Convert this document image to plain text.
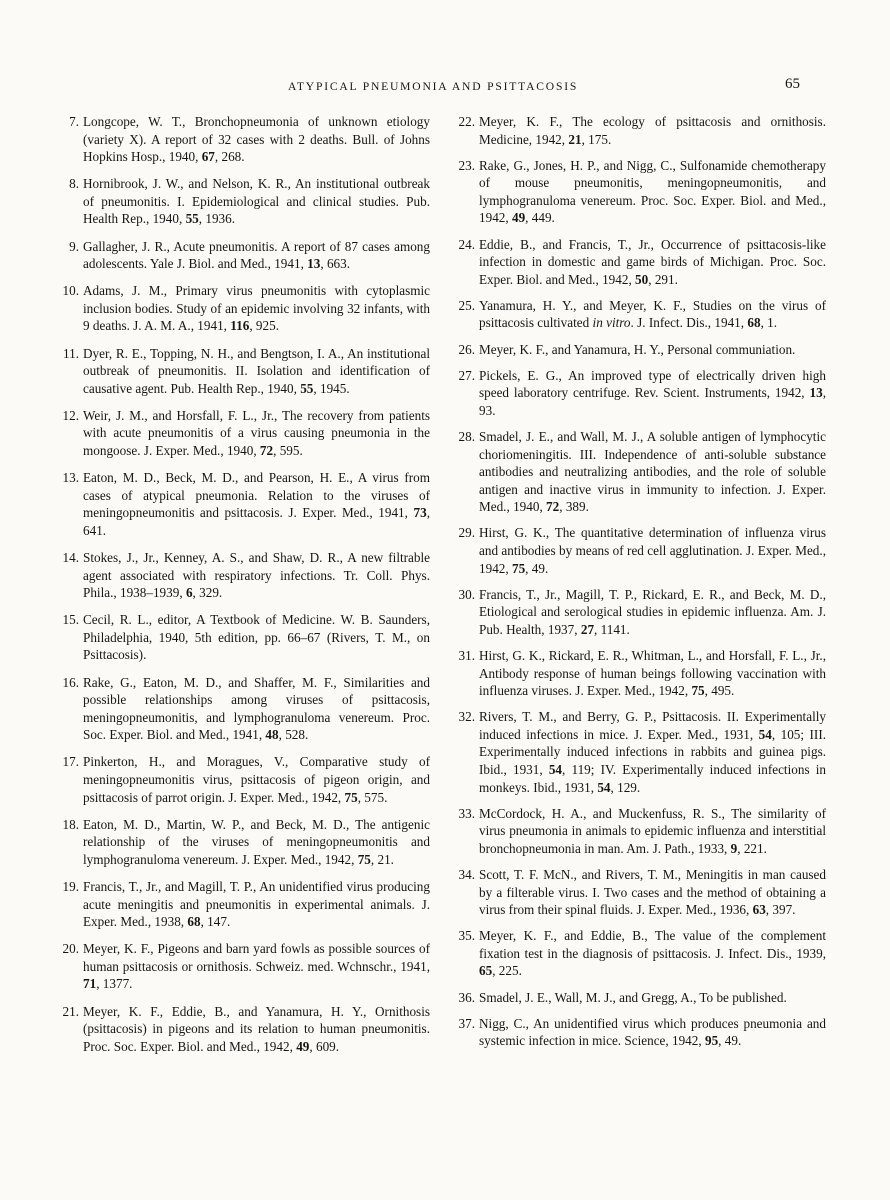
ATYPICAL PNEUMONIA AND PSITTACOSIS	65
7. Longcope, W. T., Bronchopneumonia of unknown etiology (variety X). A report of 32 cases with 2 deaths. Bull. of Johns Hopkins Hosp., 1940, 67, 268.
8. Hornibrook, J. W., and Nelson, K. R., An institutional outbreak of pneumonitis. I. Epidemiological and clinical studies. Pub. Health Rep., 1940, 55, 1936.
9. Gallagher, J. R., Acute pneumonitis. A report of 87 cases among adolescents. Yale J. Biol. and Med., 1941, 13, 663.
10. Adams, J. M., Primary virus pneumonitis with cytoplasmic inclusion bodies. Study of an epidemic involving 32 infants, with 9 deaths. J. A. M. A., 1941, 116, 925.
11. Dyer, R. E., Topping, N. H., and Bengtson, I. A., An institutional outbreak of pneumonitis. II. Isolation and identification of causative agent. Pub. Health Rep., 1940, 55, 1945.
12. Weir, J. M., and Horsfall, F. L., Jr., The recovery from patients with acute pneumonitis of a virus causing pneumonia in the mongoose. J. Exper. Med., 1940, 72, 595.
13. Eaton, M. D., Beck, M. D., and Pearson, H. E., A virus from cases of atypical pneumonia. Relation to the viruses of meningopneumonitis and psittacosis. J. Exper. Med., 1941, 73, 641.
14. Stokes, J., Jr., Kenney, A. S., and Shaw, D. R., A new filtrable agent associated with respiratory infections. Tr. Coll. Phys. Phila., 1938–1939, 6, 329.
15. Cecil, R. L., editor, A Textbook of Medicine. W. B. Saunders, Philadelphia, 1940, 5th edition, pp. 66–67 (Rivers, T. M., on Psittacosis).
16. Rake, G., Eaton, M. D., and Shaffer, M. F., Similarities and possible relationships among viruses of psittacosis, meningopneumonitis, and lymphogranuloma venereum. Proc. Soc. Exper. Biol. and Med., 1941, 48, 528.
17. Pinkerton, H., and Moragues, V., Comparative study of meningopneumonitis virus, psittacosis of pigeon origin, and psittacosis of parrot origin. J. Exper. Med., 1942, 75, 575.
18. Eaton, M. D., Martin, W. P., and Beck, M. D., The antigenic relationship of the viruses of meningopneumonitis and lymphogranuloma venereum. J. Exper. Med., 1942, 75, 21.
19. Francis, T., Jr., and Magill, T. P., An unidentified virus producing acute meningitis and pneumonitis in experimental animals. J. Exper. Med., 1938, 68, 147.
20. Meyer, K. F., Pigeons and barn yard fowls as possible sources of human psittacosis or ornithosis. Schweiz. med. Wchnschr., 1941, 71, 1377.
21. Meyer, K. F., Eddie, B., and Yanamura, H. Y., Ornithosis (psittacosis) in pigeons and its relation to human pneumonitis. Proc. Soc. Exper. Biol. and Med., 1942, 49, 609.
22. Meyer, K. F., The ecology of psittacosis and ornithosis. Medicine, 1942, 21, 175.
23. Rake, G., Jones, H. P., and Nigg, C., Sulfonamide chemotherapy of mouse pneumonitis, meningopneumonitis, and lymphogranuloma venereum. Proc. Soc. Exper. Biol. and Med., 1942, 49, 449.
24. Eddie, B., and Francis, T., Jr., Occurrence of psittacosis-like infection in domestic and game birds of Michigan. Proc. Soc. Exper. Biol. and Med., 1942, 50, 291.
25. Yanamura, H. Y., and Meyer, K. F., Studies on the virus of psittacosis cultivated in vitro. J. Infect. Dis., 1941, 68, 1.
26. Meyer, K. F., and Yanamura, H. Y., Personal communiation.
27. Pickels, E. G., An improved type of electrically driven high speed laboratory centrifuge. Rev. Scient. Instruments, 1942, 13, 93.
28. Smadel, J. E., and Wall, M. J., A soluble antigen of lymphocytic choriomeningitis. III. Independence of anti-soluble substance antibodies and neutralizing antibodies, and the role of soluble antigen and inactive virus in immunity to infection. J. Exper. Med., 1940, 72, 389.
29. Hirst, G. K., The quantitative determination of influenza virus and antibodies by means of red cell agglutination. J. Exper. Med., 1942, 75, 49.
30. Francis, T., Jr., Magill, T. P., Rickard, E. R., and Beck, M. D., Etiological and serological studies in epidemic influenza. Am. J. Pub. Health, 1937, 27, 1141.
31. Hirst, G. K., Rickard, E. R., Whitman, L., and Horsfall, F. L., Jr., Antibody response of human beings following vaccination with influenza viruses. J. Exper. Med., 1942, 75, 495.
32. Rivers, T. M., and Berry, G. P., Psittacosis. II. Experimentally induced infections in mice. J. Exper. Med., 1931, 54, 105; III. Experimentally induced infections in rabbits and guinea pigs. Ibid., 1931, 54, 119; IV. Experimentally induced infections in monkeys. Ibid., 1931, 54, 129.
33. McCordock, H. A., and Muckenfuss, R. S., The similarity of virus pneumonia in animals to epidemic influenza and interstitial bronchopneumonia in man. Am. J. Path., 1933, 9, 221.
34. Scott, T. F. McN., and Rivers, T. M., Meningitis in man caused by a filterable virus. I. Two cases and the method of obtaining a virus from their spinal fluids. J. Exper. Med., 1936, 63, 397.
35. Meyer, K. F., and Eddie, B., The value of the complement fixation test in the diagnosis of psittacosis. J. Infect. Dis., 1939, 65, 225.
36. Smadel, J. E., Wall, M. J., and Gregg, A., To be published.
37. Nigg, C., An unidentified virus which produces pneumonia and systemic infection in mice. Science, 1942, 95, 49.
